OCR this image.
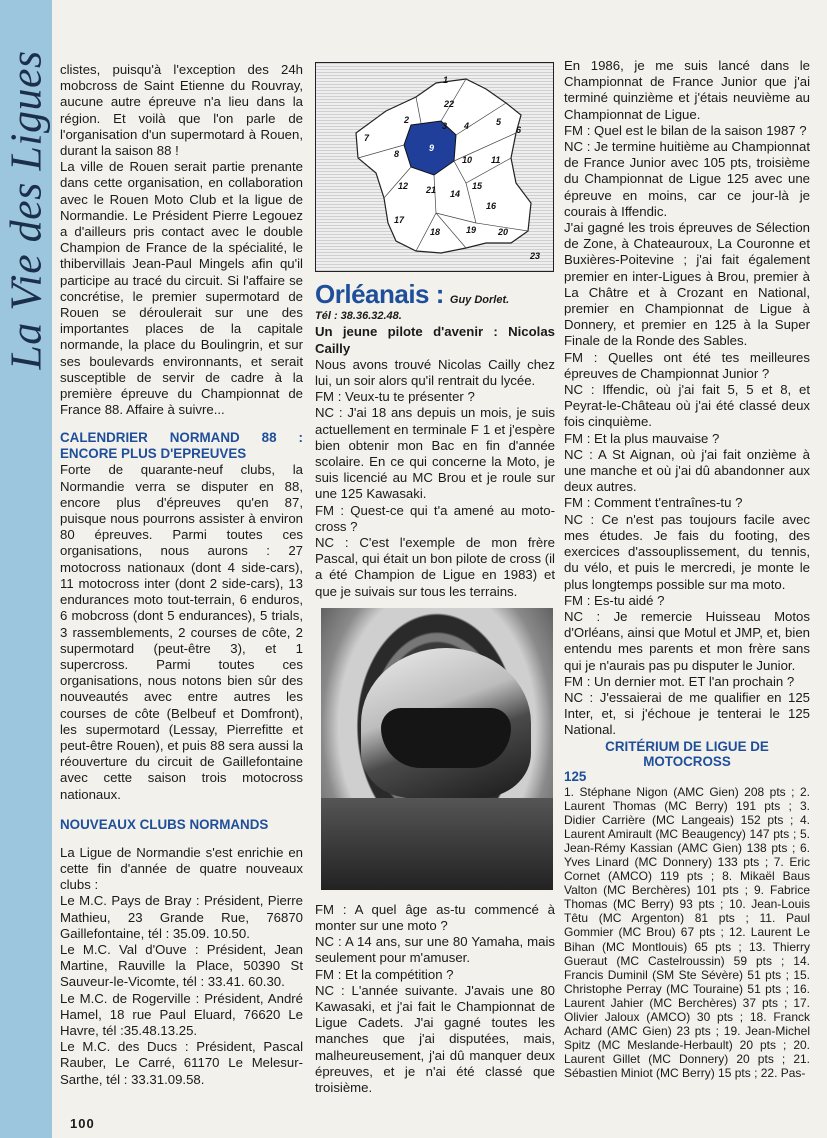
La Vie des Ligues clistes, puisqu'à l'exception des 24h mobcross de Saint Etienne du Rouvray, aucune autre épreuve n'a lieu dans la région. Et voilà que l'on parle de l'organisation d'un supermotard à Rouen, durant la saison 88 !

La ville de Rouen serait partie prenante dans cette organisation, en collaboration avec le Rouen Moto Club et la ligue de Normandie. Le Président Pierre Legouez a d'ailleurs pris contact avec le double Champion de France de la spécialité, le thibervillais Jean-Paul Mingels afin qu'il participe au tracé du circuit. Si l'affaire se concrétise, le premier supermotard de Rouen se déroulerait sur une des importantes places de la capitale normande, la place du Boulingrin, et sur ses boulevards environnants, et serait susceptible de servir de cadre à la première épreuve du Championnat de France 88. Affaire à suivre...

CALENDRIER NORMAND 88 : ENCORE PLUS D'EPREUVES

Forte de quarante-neuf clubs, la Normandie verra se disputer en 88, encore plus d'épreuves qu'en 87, puisque nous pourrons assister à environ 80 épreuves. Parmi toutes ces organisations, nous aurons : 27 motocross nationaux (dont 4 side-cars), 11 motocross inter (dont 2 side-cars), 13 endurances moto tout-terrain, 6 enduros, 6 mobcross (dont 5 endurances), 5 trials, 3 rassemblements, 2 courses de côte, 2 supermotard (peut-être 3), et 1 supercross. Parmi toutes ces organisations, nous notons bien sûr des nouveautés avec entre autres les courses de côte (Belbeuf et Domfront), les supermotard (Lessay, Pierrefitte et peut-être Rouen), et puis 88 sera aussi la réouverture du circuit de Gaillefontaine avec cette saison trois motocross nationaux.

NOUVEAUX CLUBS NORMANDS

La Ligue de Normandie s'est enrichie en cette fin d'année de quatre nouveaux clubs :

Le M.C. Pays de Bray : Président, Pierre Mathieu, 23 Grande Rue, 76870 Gaillefontaine, tél : 35.09. 10.50.

Le M.C. Val d'Ouve : Président, Jean Martine, Rauville la Place, 50390 St Sauveur-le-Vicomte, tél : 33.41. 60.30.

Le M.C. de Rogerville : Président, André Hamel, 18 rue Paul Eluard, 76620 Le Havre, tél :35.48.13.25.

Le M.C. des Ducs : Président, Pascal Rauber, Le Carré, 61170 Le Melesur-Sarthe, tél : 33.31.09.58.

1
22
2
3 4	5
6
7
8
9
10 11
12 21 14
15
16
17
18	19 20
23
Orléanais : Guy Dorlet.

Tél : 38.36.32.48.

Un jeune pilote d'avenir : Nicolas Cailly

Nous avons trouvé Nicolas Cailly chez lui, un soir alors qu'il rentrait du lycée.

FM : Veux-tu te présenter ?

NC : J'ai 18 ans depuis un mois, je suis actuellement en terminale F 1 et j'espère bien obtenir mon Bac en fin d'année scolaire. En ce qui concerne la Moto, je suis licencié au MC Brou et je roule sur une 125 Kawasaki.

FM : Quest-ce qui t'a amené au moto-cross ?

NC : C'est l'exemple de mon frère Pascal, qui était un bon pilote de cross (il a été Champion de Ligue en 1983) et que je suivais sur tous les terrains.

FM : A quel âge as-tu commencé à monter sur une moto ?

NC : A 14 ans, sur une 80 Yamaha, mais seulement pour m'amuser.

FM : Et la compétition ?

NC : L'année suivante. J'avais une 80 Kawasaki, et j'ai fait le Championnat de Ligue Cadets. J'ai gagné toutes les manches que j'ai disputées, mais, malheureusement, j'ai dû manquer deux épreuves, et je n'ai été classé que troisième.

En 1986, je me suis lancé dans le Championnat de France Junior que j'ai terminé quinzième et j'étais neuvième au Championnat de Ligue.

FM : Quel est le bilan de la saison 1987 ?

NC : Je termine huitième au Championnat de France Junior avec 105 pts, troisième du Championnat de Ligue 125 avec une épreuve en moins, car ce jour-là je courais à Iffendic.

J'ai gagné les trois épreuves de Sélection de Zone, à Chateauroux, La Couronne et Buxières-Poitevine ; j'ai fait également premier en inter-Ligues à Brou, premier à La Châtre et à Crozant en National, premier en Championnat de Ligue à Donnery, et premier en 125 à la Super Finale de la Ronde des Sables.

FM : Quelles ont été tes meilleures épreuves de Championnat Junior ?

NC : Iffendic, où j'ai fait 5, 5 et 8, et Peyrat-le-Château où j'ai été classé deux fois cinquième.

FM : Et la plus mauvaise ?

NC : A St Aignan, où j'ai fait onzième à une manche et où j'ai dû abandonner aux deux autres.

FM : Comment t'entraînes-tu ?

NC : Ce n'est pas toujours facile avec mes études. Je fais du footing, des exercices d'assouplissement, du tennis, du vélo, et puis le mercredi, je monte le plus longtemps possible sur ma moto.

FM : Es-tu aidé ?

NC : Je remercie Huisseau Motos d'Orléans, ainsi que Motul et JMP, et, bien entendu mes parents et mon frère sans qui je n'aurais pas pu disputer le Junior.

FM : Un dernier mot. ET l'an prochain ?

NC : J'essaierai de me qualifier en 125 Inter, et, si j'échoue je tenterai le 125 National.

CRITÉRIUM DE LIGUE DE MOTOCROSS

125

1. Stéphane Nigon (AMC Gien) 208 pts ; 2. Laurent Thomas (MC Berry) 191 pts ; 3. Didier Carrière (MC Langeais) 152 pts ; 4. Laurent Amirault (MC Beaugency) 147 pts ; 5. Jean-Rémy Kassian (AMC Gien) 138 pts ; 6. Yves Linard (MC Donnery) 133 pts ; 7. Eric Cornet (AMCO) 119 pts ; 8. Mikaël Baus Valton (MC Berchères) 101 pts ; 9. Fabrice Thomas (MC Berry) 93 pts ; 10. Jean-Louis Têtu (MC Argenton) 81 pts ; 11. Paul Gommier (MC Brou) 67 pts ; 12. Laurent Le Bihan (MC Montlouis) 65 pts ; 13. Thierry Gueraut (MC Castelroussin) 59 pts ; 14. Francis Duminil (SM Ste Sévère) 51 pts ; 15. Christophe Perray (MC Touraine) 51 pts ; 16. Laurent Jahier (MC Berchères) 37 pts ; 17. Olivier Jaloux (AMCO) 30 pts ; 18. Franck Achard (AMC Gien) 23 pts ; 19. Jean-Michel Spitz (MC Meslande-Herbault) 20 pts ; 20. Laurent Gillet (MC Donnery) 20 pts ; 21. Sébastien Miniot (MC Berry) 15 pts ; 22. Pas-

100
